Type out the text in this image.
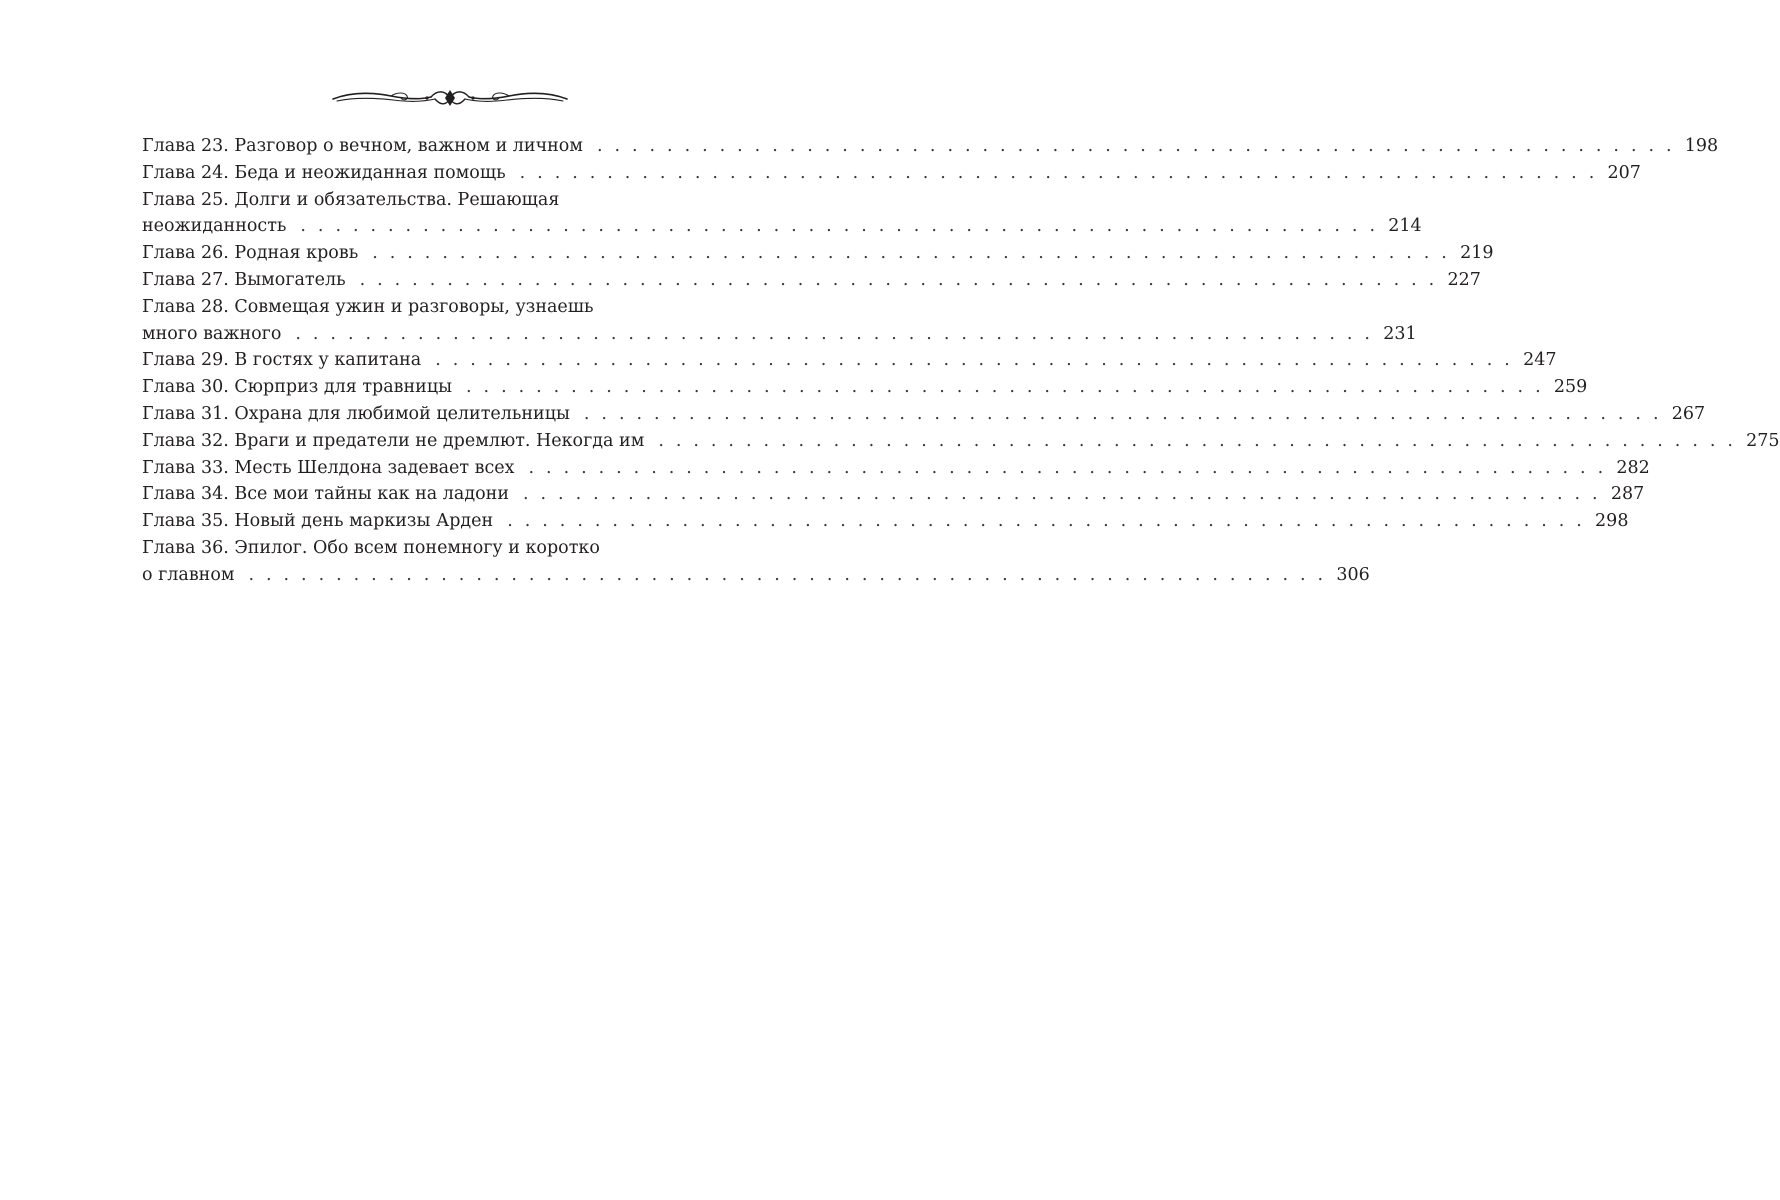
Глава 23. Разговор о вечном, важном и личном . . . . . . . . . . . . . . . . . . . . . . . . . . . . . . . . . . . . . . . . . . . . . . . . . . . . . . . . . . . . . . 198
Глава 24. Беда и неожиданная помощь . . . . . . . . . . . . . . . . . . . . . . . . . . . . . . . . . . . . . . . . . . . . . . . . . . . . . . . . . . . . . . 207
Глава 25. Долги и обязательства. Решающая
неожиданность . . . . . . . . . . . . . . . . . . . . . . . . . . . . . . . . . . . . . . . . . . . . . . . . . . . . . . . . . . . . . . 214
Глава 26. Родная кровь . . . . . . . . . . . . . . . . . . . . . . . . . . . . . . . . . . . . . . . . . . . . . . . . . . . . . . . . . . . . . . 219
Глава 27. Вымогатель . . . . . . . . . . . . . . . . . . . . . . . . . . . . . . . . . . . . . . . . . . . . . . . . . . . . . . . . . . . . . . 227
Глава 28. Совмещая ужин и разговоры, узнаешь
много важного . . . . . . . . . . . . . . . . . . . . . . . . . . . . . . . . . . . . . . . . . . . . . . . . . . . . . . . . . . . . . . 231
Глава 29. В гостях у капитана . . . . . . . . . . . . . . . . . . . . . . . . . . . . . . . . . . . . . . . . . . . . . . . . . . . . . . . . . . . . . . 247
Глава 30. Сюрприз для травницы . . . . . . . . . . . . . . . . . . . . . . . . . . . . . . . . . . . . . . . . . . . . . . . . . . . . . . . . . . . . . . 259
Глава 31. Охрана для любимой целительницы . . . . . . . . . . . . . . . . . . . . . . . . . . . . . . . . . . . . . . . . . . . . . . . . . . . . . . . . . . . . . . 267
Глава 32. Враги и предатели не дремлют. Некогда им . . . . . . . . . . . . . . . . . . . . . . . . . . . . . . . . . . . . . . . . . . . . . . . . . . . . . . . . . . . . . . 275
Глава 33. Месть Шелдона задевает всех . . . . . . . . . . . . . . . . . . . . . . . . . . . . . . . . . . . . . . . . . . . . . . . . . . . . . . . . . . . . . . 282
Глава 34. Все мои тайны как на ладони . . . . . . . . . . . . . . . . . . . . . . . . . . . . . . . . . . . . . . . . . . . . . . . . . . . . . . . . . . . . . . 287
Глава 35. Новый день маркизы Арден . . . . . . . . . . . . . . . . . . . . . . . . . . . . . . . . . . . . . . . . . . . . . . . . . . . . . . . . . . . . . . 298
Глава 36. Эпилог. Обо всем понемногу и коротко
о главном . . . . . . . . . . . . . . . . . . . . . . . . . . . . . . . . . . . . . . . . . . . . . . . . . . . . . . . . . . . . . . 306
